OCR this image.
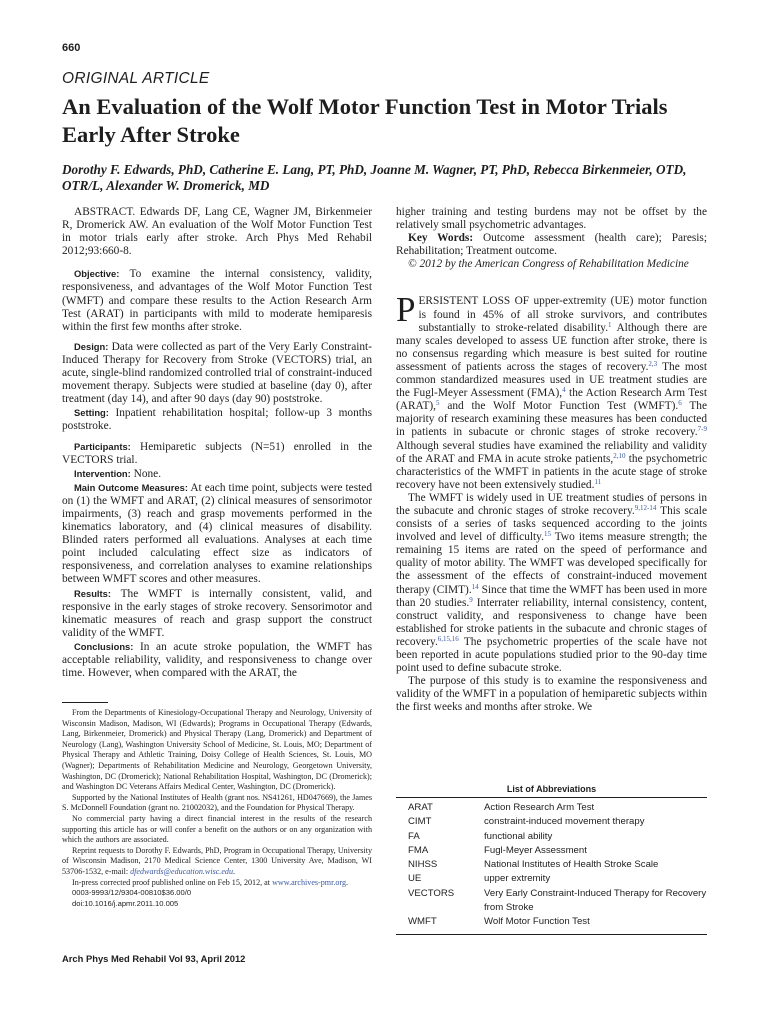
660
ORIGINAL ARTICLE
An Evaluation of the Wolf Motor Function Test in Motor Trials Early After Stroke
Dorothy F. Edwards, PhD, Catherine E. Lang, PT, PhD, Joanne M. Wagner, PT, PhD, Rebecca Birkenmeier, OTD, OTR/L, Alexander W. Dromerick, MD

ABSTRACT. Edwards DF, Lang CE, Wagner JM, Birkenmeier R, Dromerick AW. An evaluation of the Wolf Motor Function Test in motor trials early after stroke. Arch Phys Med Rehabil 2012;93:660-8.

Objective: To examine the internal consistency, validity, responsiveness, and advantages of the Wolf Motor Function Test (WMFT) and compare these results to the Action Research Arm Test (ARAT) in participants with mild to moderate hemiparesis within the first few months after stroke.

Design: Data were collected as part of the Very Early Constraint-Induced Therapy for Recovery from Stroke (VECTORS) trial, an acute, single-blind randomized controlled trial of constraint-induced movement therapy. Subjects were studied at baseline (day 0), after treatment (day 14), and after 90 days (day 90) poststroke.

Setting: Inpatient rehabilitation hospital; follow-up 3 months poststroke.

Participants: Hemiparetic subjects (N=51) enrolled in the VECTORS trial.

Intervention: None.

Main Outcome Measures: At each time point, subjects were tested on (1) the WMFT and ARAT, (2) clinical measures of sensorimotor impairments, (3) reach and grasp movements performed in the kinematics laboratory, and (4) clinical measures of disability. Blinded raters performed all evaluations. Analyses at each time point included calculating effect size as indicators of responsiveness, and correlation analyses to examine relationships between WMFT scores and other measures.

Results: The WMFT is internally consistent, valid, and responsive in the early stages of stroke recovery. Sensorimotor and kinematic measures of reach and grasp support the construct validity of the WMFT.

Conclusions: In an acute stroke population, the WMFT has acceptable reliability, validity, and responsiveness to change over time. However, when compared with the ARAT, the

From the Departments of Kinesiology-Occupational Therapy and Neurology, University of Wisconsin Madison, Madison, WI (Edwards); Programs in Occupational Therapy (Edwards, Lang, Birkenmeier, Dromerick) and Physical Therapy (Lang, Dromerick) and Department of Neurology (Lang), Washington University School of Medicine, St. Louis, MO; Department of Physical Therapy and Athletic Training, Doisy College of Health Sciences, St. Louis, MO (Wagner); Departments of Rehabilitation Medicine and Neurology, Georgetown University, Washington, DC (Dromerick); National Rehabilitation Hospital, Washington, DC (Dromerick); and Washington DC Veterans Affairs Medical Center, Washington, DC (Dromerick).

Supported by the National Institutes of Health (grant nos. NS41261, HD047669), the James S. McDonnell Foundation (grant no. 21002032), and the Foundation for Physical Therapy.

No commercial party having a direct financial interest in the results of the research supporting this article has or will confer a benefit on the authors or on any organization with which the authors are associated.

Reprint requests to Dorothy F. Edwards, PhD, Program in Occupational Therapy, University of Wisconsin Madison, 2170 Medical Science Center, 1300 University Ave, Madison, WI 53706-1532, e-mail: dfedwards@education.wisc.edu.

In-press corrected proof published online on Feb 15, 2012, at www.archives-pmr.org.

0003-9993/12/9304-00810$36.00/0

doi:10.1016/j.apmr.2011.10.005

higher training and testing burdens may not be offset by the relatively small psychometric advantages.

Key Words: Outcome assessment (health care); Paresis; Rehabilitation; Treatment outcome.

© 2012 by the American Congress of Rehabilitation Medicine

PERSISTENT LOSS OF upper-extremity (UE) motor function is found in 45% of all stroke survivors, and contributes substantially to stroke-related disability.$^1$ Although there are many scales developed to assess UE function after stroke, there is no consensus regarding which measure is best suited for routine assessment of patients across the stages of recovery.$^{2,3}$ The most common standardized measures used in UE treatment studies are the Fugl-Meyer Assessment (FMA),$^4$ the Action Research Arm Test (ARAT),$^5$ and the Wolf Motor Function Test (WMFT).$^6$ The majority of research examining these measures has been conducted in patients in subacute or chronic stages of stroke recovery.$^{7-9}$ Although several studies have examined the reliability and validity of the ARAT and FMA in acute stroke patients,$^{2,10}$ the psychometric characteristics of the WMFT in patients in the acute stage of stroke recovery have not been extensively studied.$^{11}$

The WMFT is widely used in UE treatment studies of persons in the subacute and chronic stages of stroke recovery.$^{9,12-14}$ This scale consists of a series of tasks sequenced according to the joints involved and level of difficulty.$^{15}$ Two items measure strength; the remaining 15 items are rated on the speed of performance and quality of motor ability. The WMFT was developed specifically for the assessment of the effects of constraint-induced movement therapy (CIMT).$^{14}$ Since that time the WMFT has been used in more than 20 studies.$^9$ Interrater reliability, internal consistency, content, construct validity, and responsiveness to change have been established for stroke patients in the subacute and chronic stages of recovery.$^{6,15,16}$ The psychometric properties of the scale have not been reported in acute populations studied prior to the 90-day time point used to define subacute stroke.

The purpose of this study is to examine the responsiveness and validity of the WMFT in a population of hemiparetic subjects within the first weeks and months after stroke. We

List of Abbreviations
ARAT	Action Research Arm Test
CIMT	constraint-induced movement therapy
FA	functional ability
FMA	Fugl-Meyer Assessment
NIHSS	National Institutes of Health Stroke Scale
UE	upper extremity
VECTORS	Very Early Constraint-Induced Therapy for Recovery from Stroke
WMFT	Wolf Motor Function Test
Arch Phys Med Rehabil Vol 93, April 2012
